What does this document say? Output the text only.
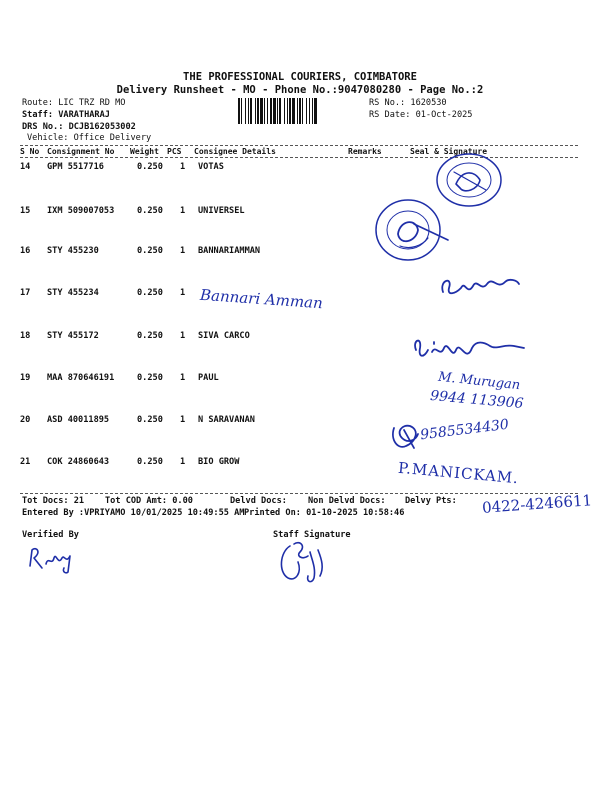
THE PROFESSIONAL COURIERS, COIMBATORE
Delivery Runsheet - MO - Phone No.:9047080280 - Page No.:2
Route: LIC TRZ RD MO
Staff: VARATHARAJ
DRS No.: DCJB162053002
Vehicle: Office Delivery
RS No.: 1620530
RS Date: 01-Oct-2025
S No Consignment No Weight PCS Consignee Details	Remarks	Seal & Signature
14 GPM 5517716	0.250 1 VOTAS
15 IXM 509007053	0.250 1 UNIVERSEL
16 STY 455230	0.250 1 BANNARIAMMAN
17 STY 455234	0.250 1
18 STY 455172	0.250 1 SIVA CARCO
19 MAA 870646191	0.250 1 PAUL
20 ASD 40011895	0.250 1 N SARAVANAN
21 COK 24860643	0.250 1 BIO GROW
Tot Docs: 21 Tot COD Amt: 0.00	Delvd Docs: Non Delvd Docs: Delvy Pts:
Entered By :VPRIYAMO 10/01/2025 10:49:55 AM Printed On: 01-10-2025 10:58:46
Verified By	Staff Signature
Bannari Amman
M. Murugan
9944 113906
9585534430
P.MANICKAM.
0422-4246611
